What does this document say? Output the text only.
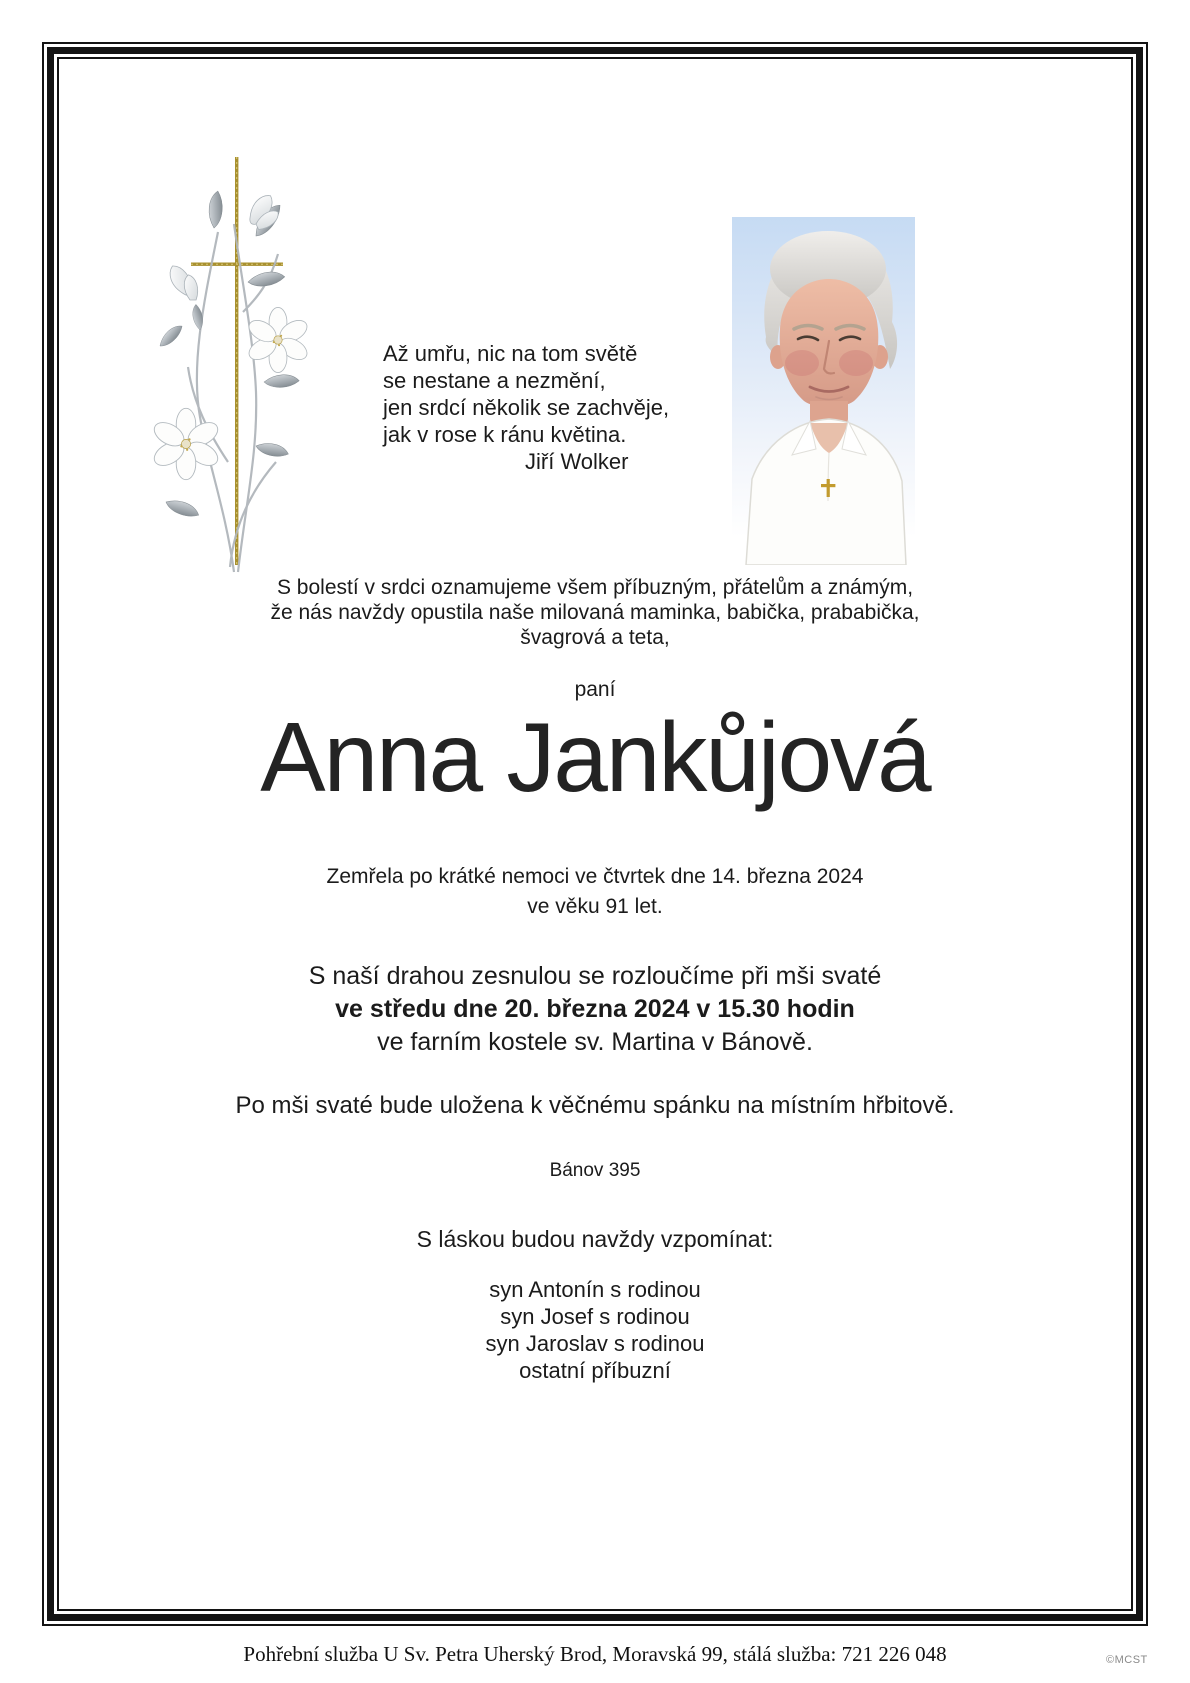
Až umřu, nic na tom světě
se nestane a nezmění,
jen srdcí několik se zachvěje,
jak v rose k ránu květina.
Jiří Wolker
S bolestí v srdci oznamujeme všem příbuzným, přátelům a známým,
že nás navždy opustila naše milovaná maminka, babička, prababička,
švagrová a teta,
paní
Anna Jankůjová
Zemřela po krátké nemoci ve čtvrtek dne 14. března 2024
ve věku 91 let.
S naší drahou zesnulou se rozloučíme při mši svaté
ve středu dne 20. března 2024 v 15.30 hodin
ve farním kostele sv. Martina v Bánově.
Po mši svaté bude uložena k věčnému spánku na místním hřbitově.
Bánov 395
S láskou budou navždy vzpomínat:
syn Antonín s rodinou
syn Josef s rodinou
syn Jaroslav s rodinou
ostatní příbuzní
Pohřební služba U Sv. Petra Uherský Brod, Moravská 99, stálá služba: 721 226 048	©MCST
